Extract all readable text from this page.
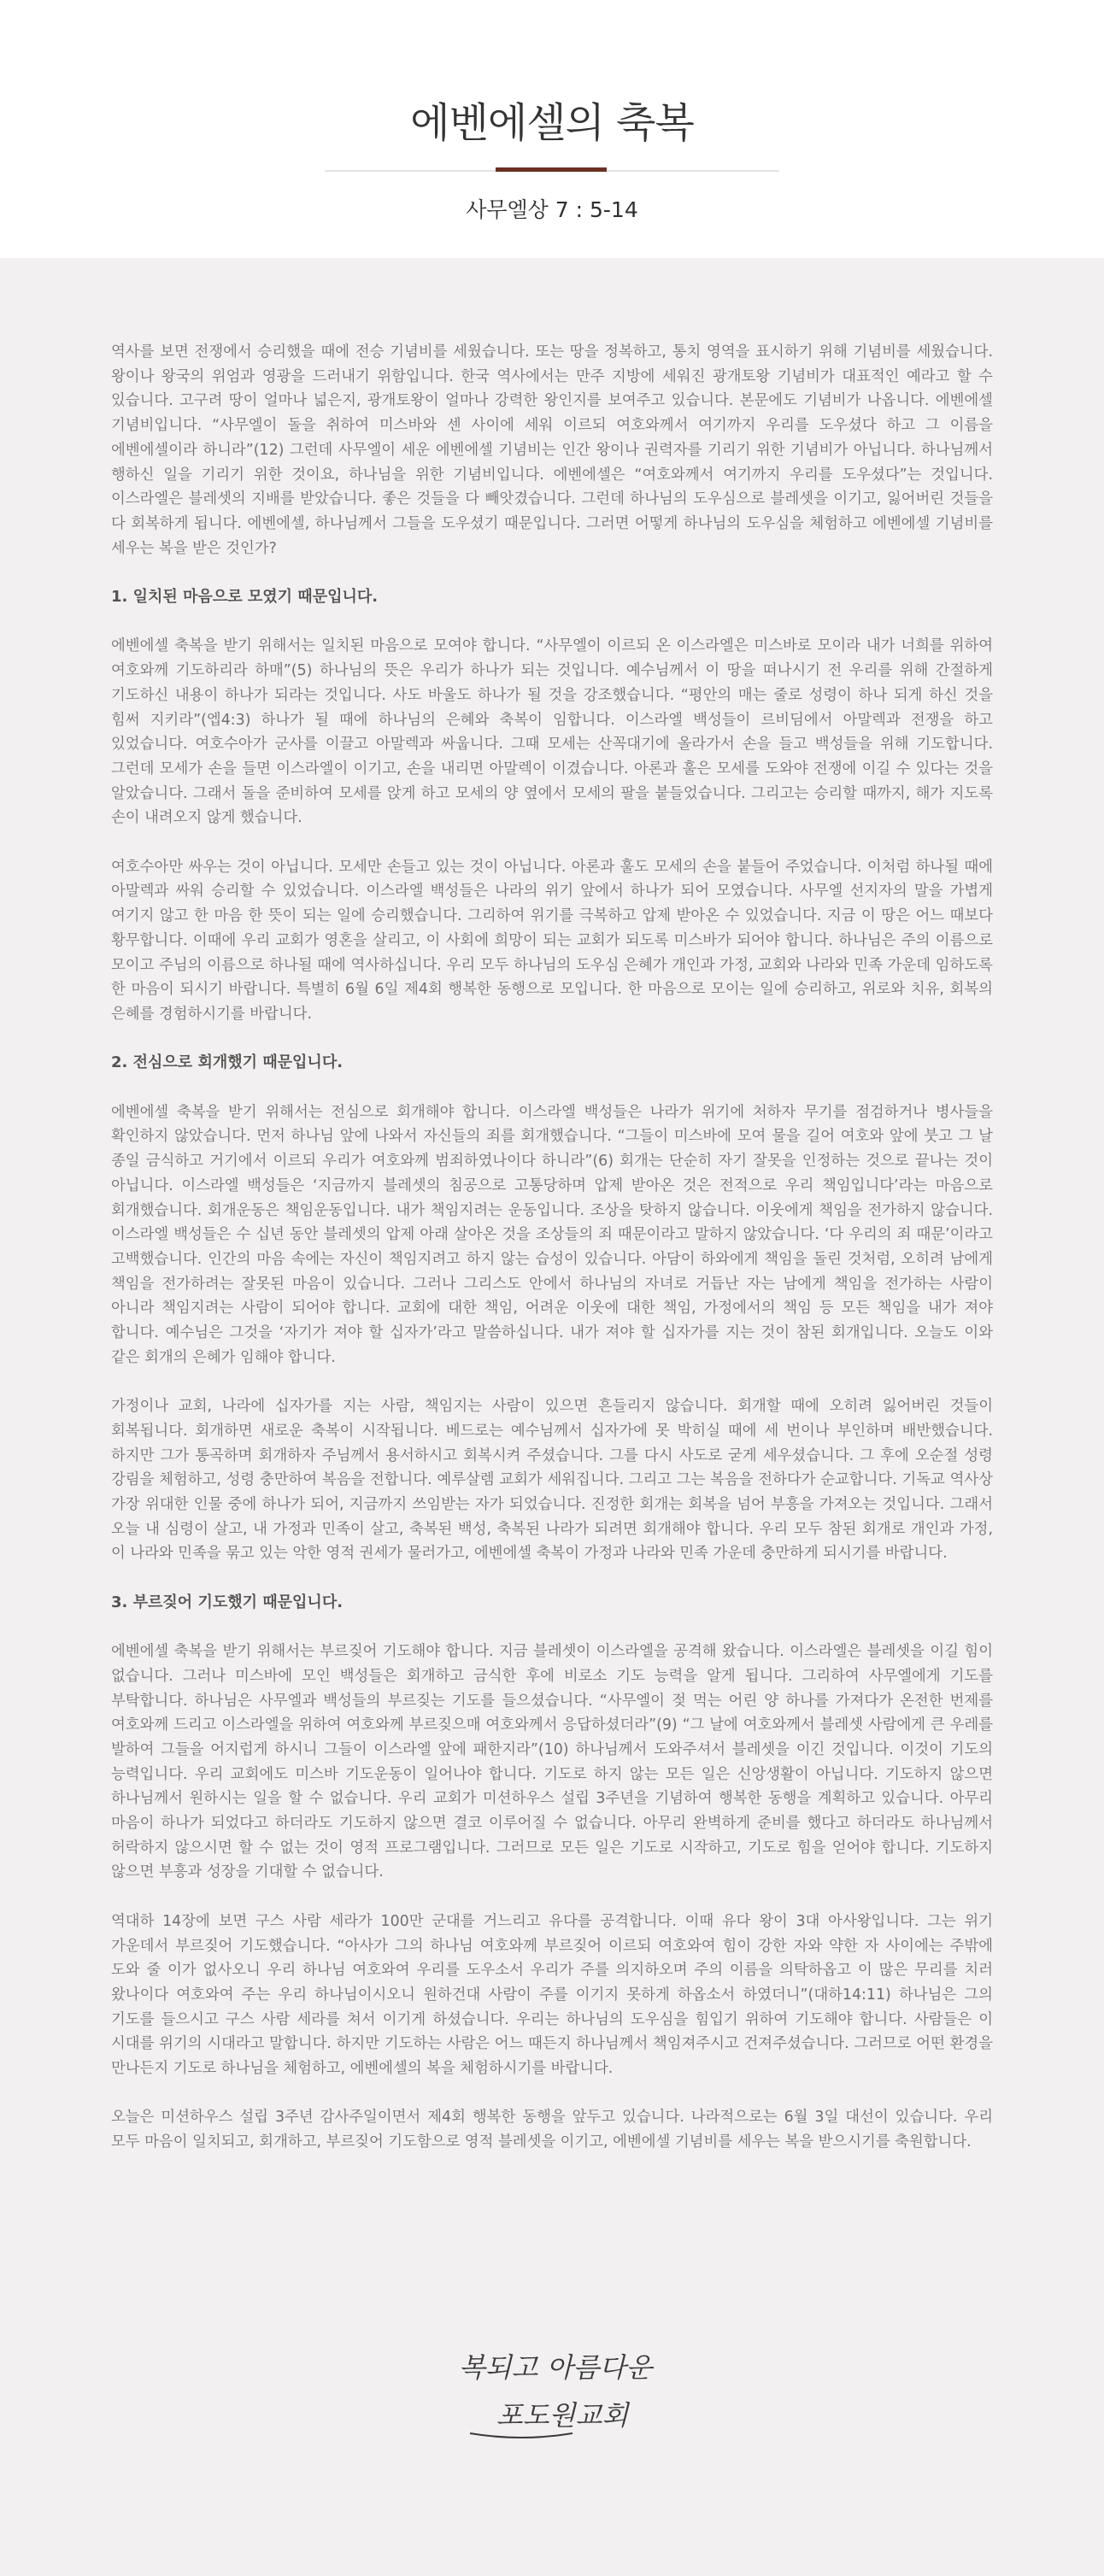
에벤에셀의 축복
사무엘상 7 : 5-14

역사를 보면 전쟁에서 승리했을 때에 전승 기념비를 세웠습니다. 또는 땅을 정복하고, 통치 영역을 표시하기 위해 기념비를 세웠습니다. 왕이나 왕국의 위엄과 영광을 드러내기 위함입니다. 한국 역사에서는 만주 지방에 세워진 광개토왕 기념비가 대표적인 예라고 할 수 있습니다. 고구려 땅이 얼마나 넓은지, 광개토왕이 얼마나 강력한 왕인지를 보여주고 있습니다. 본문에도 기념비가 나옵니다. 에벤에셀 기념비입니다. “사무엘이 돌을 취하여 미스바와 센 사이에 세워 이르되 여호와께서 여기까지 우리를 도우셨다 하고 그 이름을 에벤에셀이라 하니라”(12) 그런데 사무엘이 세운 에벤에셀 기념비는 인간 왕이나 권력자를 기리기 위한 기념비가 아닙니다. 하나님께서 행하신 일을 기리기 위한 것이요, 하나님을 위한 기념비입니다. 에벤에셀은 “여호와께서 여기까지 우리를 도우셨다”는 것입니다. 이스라엘은 블레셋의 지배를 받았습니다. 좋은 것들을 다 빼앗겼습니다. 그런데 하나님의 도우심으로 블레셋을 이기고, 잃어버린 것들을 다 회복하게 됩니다. 에벤에셀, 하나님께서 그들을 도우셨기 때문입니다. 그러면 어떻게 하나님의 도우심을 체험하고 에벤에셀 기념비를 세우는 복을 받은 것인가?

1. 일치된 마음으로 모였기 때문입니다.

에벤에셀 축복을 받기 위해서는 일치된 마음으로 모여야 합니다. “사무엘이 이르되 온 이스라엘은 미스바로 모이라 내가 너희를 위하여 여호와께 기도하리라 하매”(5) 하나님의 뜻은 우리가 하나가 되는 것입니다. 예수님께서 이 땅을 떠나시기 전 우리를 위해 간절하게 기도하신 내용이 하나가 되라는 것입니다. 사도 바울도 하나가 될 것을 강조했습니다. “평안의 매는 줄로 성령이 하나 되게 하신 것을 힘써 지키라”(엡4:3) 하나가 될 때에 하나님의 은혜와 축복이 임합니다. 이스라엘 백성들이 르비딤에서 아말렉과 전쟁을 하고 있었습니다. 여호수아가 군사를 이끌고 아말렉과 싸웁니다. 그때 모세는 산꼭대기에 올라가서 손을 들고 백성들을 위해 기도합니다. 그런데 모세가 손을 들면 이스라엘이 이기고, 손을 내리면 아말렉이 이겼습니다. 아론과 훌은 모세를 도와야 전쟁에 이길 수 있다는 것을 알았습니다. 그래서 돌을 준비하여 모세를 앉게 하고 모세의 양 옆에서 모세의 팔을 붙들었습니다. 그리고는 승리할 때까지, 해가 지도록 손이 내려오지 않게 했습니다.

여호수아만 싸우는 것이 아닙니다. 모세만 손들고 있는 것이 아닙니다. 아론과 훌도 모세의 손을 붙들어 주었습니다. 이처럼 하나될 때에 아말렉과 싸워 승리할 수 있었습니다. 이스라엘 백성들은 나라의 위기 앞에서 하나가 되어 모였습니다. 사무엘 선지자의 말을 가볍게 여기지 않고 한 마음 한 뜻이 되는 일에 승리했습니다. 그리하여 위기를 극복하고 압제 받아온 수 있었습니다. 지금 이 땅은 어느 때보다 황무합니다. 이때에 우리 교회가 영혼을 살리고, 이 사회에 희망이 되는 교회가 되도록 미스바가 되어야 합니다. 하나님은 주의 이름으로 모이고 주님의 이름으로 하나될 때에 역사하십니다. 우리 모두 하나님의 도우심 은혜가 개인과 가정, 교회와 나라와 민족 가운데 임하도록 한 마음이 되시기 바랍니다. 특별히 6월 6일 제4회 행복한 동행으로 모입니다. 한 마음으로 모이는 일에 승리하고, 위로와 치유, 회복의 은혜를 경험하시기를 바랍니다.

2. 전심으로 회개했기 때문입니다.

에벤에셀 축복을 받기 위해서는 전심으로 회개해야 합니다. 이스라엘 백성들은 나라가 위기에 처하자 무기를 점검하거나 병사들을 확인하지 않았습니다. 먼저 하나님 앞에 나와서 자신들의 죄를 회개했습니다. “그들이 미스바에 모여 물을 길어 여호와 앞에 붓고 그 날 종일 금식하고 거기에서 이르되 우리가 여호와께 범죄하였나이다 하니라”(6) 회개는 단순히 자기 잘못을 인정하는 것으로 끝나는 것이 아닙니다. 이스라엘 백성들은 ‘지금까지 블레셋의 침공으로 고통당하며 압제 받아온 것은 전적으로 우리 책임입니다’라는 마음으로 회개했습니다. 회개운동은 책임운동입니다. 내가 책임지려는 운동입니다. 조상을 탓하지 않습니다. 이웃에게 책임을 전가하지 않습니다. 이스라엘 백성들은 수 십년 동안 블레셋의 압제 아래 살아온 것을 조상들의 죄 때문이라고 말하지 않았습니다. ‘다 우리의 죄 때문’이라고 고백했습니다. 인간의 마음 속에는 자신이 책임지려고 하지 않는 습성이 있습니다. 아담이 하와에게 책임을 돌린 것처럼, 오히려 남에게 책임을 전가하려는 잘못된 마음이 있습니다. 그러나 그리스도 안에서 하나님의 자녀로 거듭난 자는 남에게 책임을 전가하는 사람이 아니라 책임지려는 사람이 되어야 합니다. 교회에 대한 책임, 어려운 이웃에 대한 책임, 가정에서의 책임 등 모든 책임을 내가 져야 합니다. 예수님은 그것을 ‘자기가 져야 할 십자가’라고 말씀하십니다. 내가 져야 할 십자가를 지는 것이 참된 회개입니다. 오늘도 이와 같은 회개의 은혜가 임해야 합니다.

가정이나 교회, 나라에 십자가를 지는 사람, 책임지는 사람이 있으면 흔들리지 않습니다. 회개할 때에 오히려 잃어버린 것들이 회복됩니다. 회개하면 새로운 축복이 시작됩니다. 베드로는 예수님께서 십자가에 못 박히실 때에 세 번이나 부인하며 배반했습니다. 하지만 그가 통곡하며 회개하자 주님께서 용서하시고 회복시켜 주셨습니다. 그를 다시 사도로 굳게 세우셨습니다. 그 후에 오순절 성령 강림을 체험하고, 성령 충만하여 복음을 전합니다. 예루살렘 교회가 세워집니다. 그리고 그는 복음을 전하다가 순교합니다. 기독교 역사상 가장 위대한 인물 중에 하나가 되어, 지금까지 쓰임받는 자가 되었습니다. 진정한 회개는 회복을 넘어 부흥을 가져오는 것입니다. 그래서 오늘 내 심령이 살고, 내 가정과 민족이 살고, 축복된 백성, 축복된 나라가 되려면 회개해야 합니다. 우리 모두 참된 회개로 개인과 가정, 이 나라와 민족을 묶고 있는 악한 영적 권세가 물러가고, 에벤에셀 축복이 가정과 나라와 민족 가운데 충만하게 되시기를 바랍니다.

3. 부르짖어 기도했기 때문입니다.

에벤에셀 축복을 받기 위해서는 부르짖어 기도해야 합니다. 지금 블레셋이 이스라엘을 공격해 왔습니다. 이스라엘은 블레셋을 이길 힘이 없습니다. 그러나 미스바에 모인 백성들은 회개하고 금식한 후에 비로소 기도 능력을 알게 됩니다. 그리하여 사무엘에게 기도를 부탁합니다. 하나님은 사무엘과 백성들의 부르짖는 기도를 들으셨습니다. “사무엘이 젖 먹는 어린 양 하나를 가져다가 온전한 번제를 여호와께 드리고 이스라엘을 위하여 여호와께 부르짖으매 여호와께서 응답하셨더라”(9) “그 날에 여호와께서 블레셋 사람에게 큰 우레를 발하여 그들을 어지럽게 하시니 그들이 이스라엘 앞에 패한지라”(10) 하나님께서 도와주셔서 블레셋을 이긴 것입니다. 이것이 기도의 능력입니다. 우리 교회에도 미스바 기도운동이 일어나야 합니다. 기도로 하지 않는 모든 일은 신앙생활이 아닙니다. 기도하지 않으면 하나님께서 원하시는 일을 할 수 없습니다. 우리 교회가 미션하우스 설립 3주년을 기념하여 행복한 동행을 계획하고 있습니다. 아무리 마음이 하나가 되었다고 하더라도 기도하지 않으면 결코 이루어질 수 없습니다. 아무리 완벽하게 준비를 했다고 하더라도 하나님께서 허락하지 않으시면 할 수 없는 것이 영적 프로그램입니다. 그러므로 모든 일은 기도로 시작하고, 기도로 힘을 얻어야 합니다. 기도하지 않으면 부흥과 성장을 기대할 수 없습니다.

역대하 14장에 보면 구스 사람 세라가 100만 군대를 거느리고 유다를 공격합니다. 이때 유다 왕이 3대 아사왕입니다. 그는 위기 가운데서 부르짖어 기도했습니다. “아사가 그의 하나님 여호와께 부르짖어 이르되 여호와여 힘이 강한 자와 약한 자 사이에는 주밖에 도와 줄 이가 없사오니 우리 하나님 여호와여 우리를 도우소서 우리가 주를 의지하오며 주의 이름을 의탁하옵고 이 많은 무리를 치러 왔나이다 여호와여 주는 우리 하나님이시오니 원하건대 사람이 주를 이기지 못하게 하옵소서 하였더니”(대하14:11) 하나님은 그의 기도를 들으시고 구스 사람 세라를 쳐서 이기게 하셨습니다. 우리는 하나님의 도우심을 힘입기 위하여 기도해야 합니다. 사람들은 이 시대를 위기의 시대라고 말합니다. 하지만 기도하는 사람은 어느 때든지 하나님께서 책임져주시고 건져주셨습니다. 그러므로 어떤 환경을 만나든지 기도로 하나님을 체험하고, 에벤에셀의 복을 체험하시기를 바랍니다.

오늘은 미션하우스 설립 3주년 감사주일이면서 제4회 행복한 동행을 앞두고 있습니다. 나라적으로는 6월 3일 대선이 있습니다. 우리 모두 마음이 일치되고, 회개하고, 부르짖어 기도함으로 영적 블레셋을 이기고, 에벤에셀 기념비를 세우는 복을 받으시기를 축원합니다.

복되고 아름다운
포도원교회
